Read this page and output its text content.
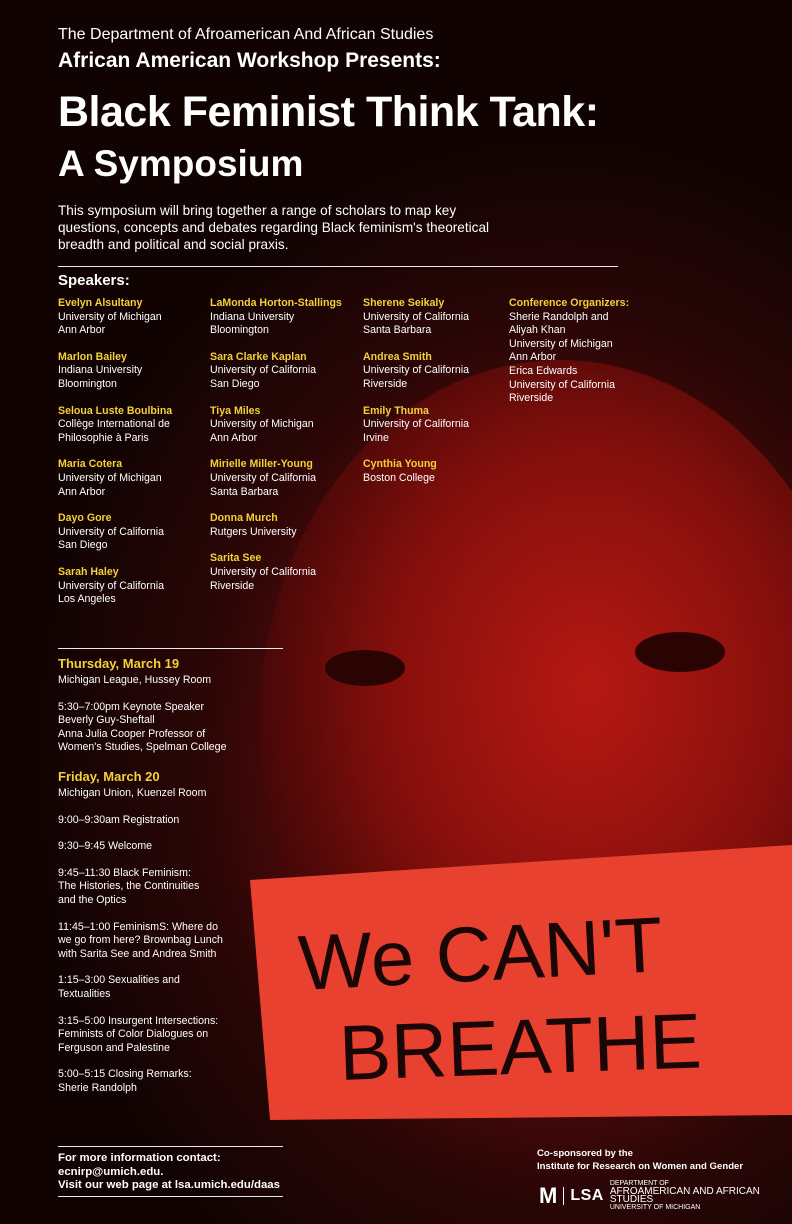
We CAN'T
BREATHE
The Department of Afroamerican And African Studies
African American Workshop Presents:
Black Feminist Think Tank:
A Symposium
This symposium will bring together a range of scholars to map key questions, concepts and debates regarding Black feminism's theoretical breadth and political and social praxis.
Speakers:
Evelyn Alsultany
University of Michigan
Ann Arbor
Marlon Bailey
Indiana University
Bloomington
Seloua Luste Boulbina
Collège International de
Philosophie à Paris
Maria Cotera
University of Michigan
Ann Arbor
Dayo Gore
University of California
San Diego
Sarah Haley
University of California
Los Angeles
LaMonda Horton-Stallings
Indiana University
Bloomington
Sara Clarke Kaplan
University of California
San Diego
Tiya Miles
University of Michigan
Ann Arbor
Mirielle Miller-Young
University of California
Santa Barbara
Donna Murch
Rutgers University
Sarita See
University of California
Riverside
Sherene Seikaly
University of California
Santa Barbara
Andrea Smith
University of California
Riverside
Emily Thuma
University of California
Irvine
Cynthia Young
Boston College
Conference Organizers:
Sherie Randolph and
Aliyah Khan
University of Michigan
Ann Arbor
Erica Edwards
University of California
Riverside
Thursday, March 19
Michigan League, Hussey Room
5:30–7:00pm Keynote Speaker
Beverly Guy-Sheftall
Anna Julia Cooper Professor of
Women's Studies, Spelman College
Friday, March 20
Michigan Union, Kuenzel Room
9:00–9:30am Registration
9:30–9:45 Welcome
9:45–11:30 Black Feminism:
The Histories, the Continuities
and the Optics
11:45–1:00 FeminismS: Where do
we go from here? Brownbag Lunch
with Sarita See and Andrea Smith
1:15–3:00 Sexualities and
Textualities
3:15–5:00 Insurgent Intersections:
Feminists of Color Dialogues on
Ferguson and Palestine
5:00–5:15 Closing Remarks:
Sherie Randolph
For more information contact:
ecnirp@umich.edu.
Visit our web page at lsa.umich.edu/daas
Co-sponsored by the
Institute for Research on Women and Gender
M LSA
DEPARTMENT OF
AFROAMERICAN AND AFRICAN STUDIES
UNIVERSITY OF MICHIGAN
